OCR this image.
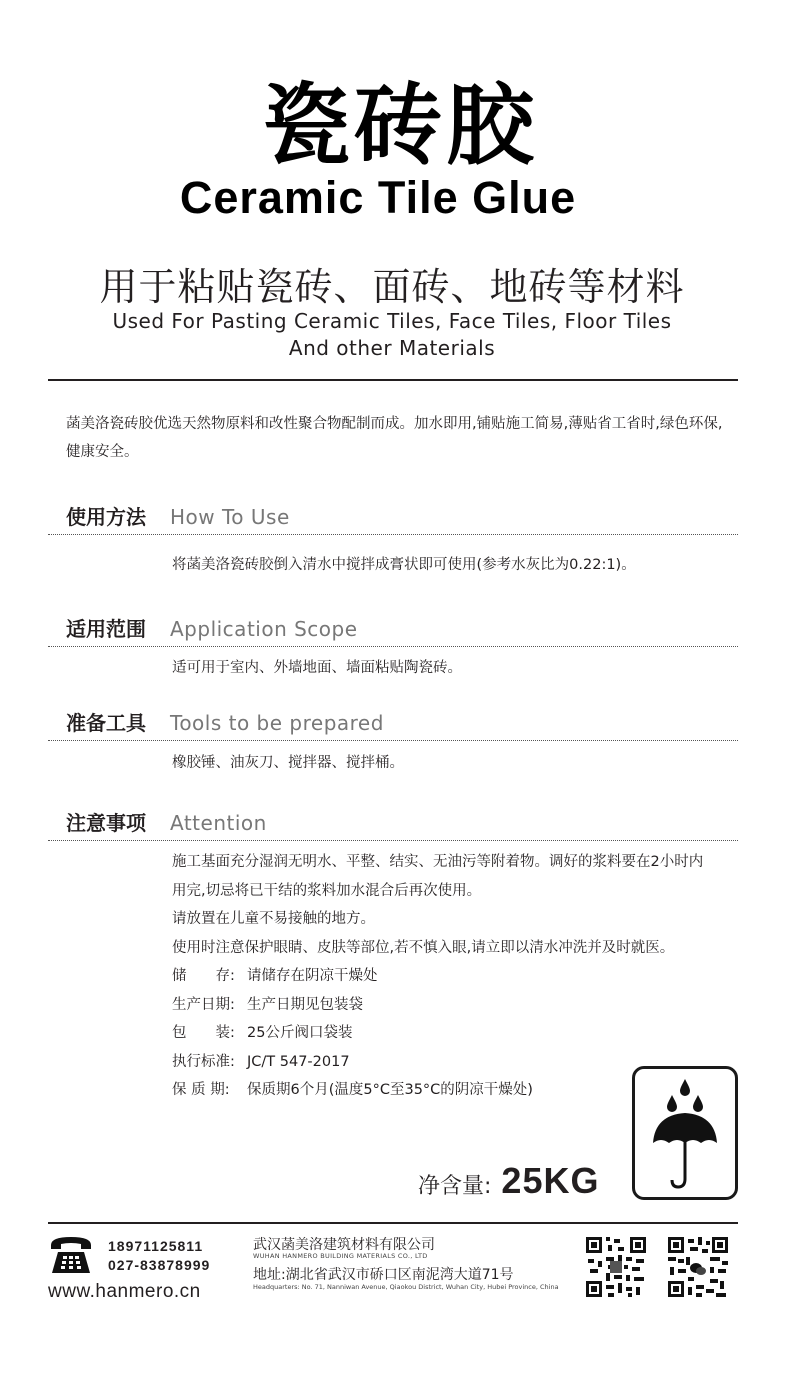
瓷砖胶
Ceramic Tile Glue
用于粘贴瓷砖、面砖、地砖等材料
Used For Pasting Ceramic Tiles, Face Tiles, Floor Tiles
And other Materials
菡美洛瓷砖胶优选天然物原料和改性聚合物配制而成。加水即用,铺贴施工简易,薄贴省工省时,绿色环保,健康安全。
使用方法 How To Use
将菡美洛瓷砖胶倒入清水中搅拌成膏状即可使用(参考水灰比为0.22:1)。
适用范围 Application Scope
适可用于室内、外墙地面、墙面粘贴陶瓷砖。
准备工具 Tools to be prepared
橡胶锤、油灰刀、搅拌器、搅拌桶。
注意事项 Attention
施工基面充分湿润无明水、平整、结实、无油污等附着物。调好的浆料要在2小时内
用完,切忌将已干结的浆料加水混合后再次使用。
请放置在儿童不易接触的地方。
使用时注意保护眼睛、皮肤等部位,若不慎入眼,请立即以清水冲洗并及时就医。
储　　存: 请储存在阴凉干燥处
生产日期: 生产日期见包装袋
包　　装: 25公斤阀口袋装
执行标准: JC/T 547-2017
保 质 期: 保质期6个月(温度5°C至35°C的阴凉干燥处)
净含量: 25KG
18971125811
027-83878999
www.hanmero.cn
武汉菡美洛建筑材料有限公司
WUHAN HANMERO BUILDING MATERIALS CO., LTD
地址:湖北省武汉市硚口区南泥湾大道71号
Headquarters: No. 71, Nanniwan Avenue, Qiaokou District, Wuhan City, Hubei Province, China
